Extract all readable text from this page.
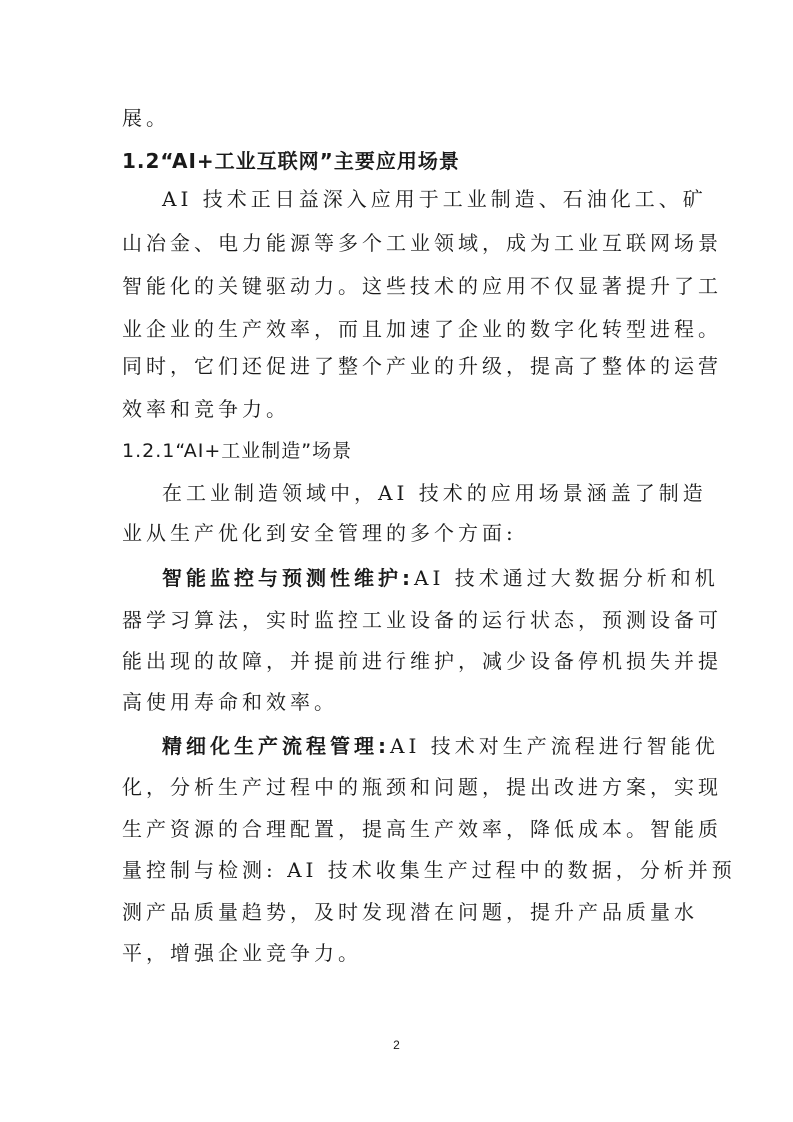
展。
1.2“AI+工业互联网”主要应用场景
AI 技术正日益深入应用于工业制造、石油化工、矿
山冶金、电力能源等多个工业领域，成为工业互联网场景
智能化的关键驱动力。这些技术的应用不仅显著提升了工
业企业的生产效率，而且加速了企业的数字化转型进程。
同时，它们还促进了整个产业的升级，提高了整体的运营
效率和竞争力。
1.2.1“AI+工业制造”场景
在工业制造领域中，AI 技术的应用场景涵盖了制造
业从生产优化到安全管理的多个方面:
智能监控与预测性维护:AI 技术通过大数据分析和机
器学习算法，实时监控工业设备的运行状态，预测设备可
能出现的故障，并提前进行维护，减少设备停机损失并提
高使用寿命和效率。
精细化生产流程管理:AI 技术对生产流程进行智能优
化，分析生产过程中的瓶颈和问题，提出改进方案，实现
生产资源的合理配置，提高生产效率，降低成本。智能质
量控制与检测: AI 技术收集生产过程中的数据，分析并预
测产品质量趋势，及时发现潜在问题，提升产品质量水
平，增强企业竞争力。
2
